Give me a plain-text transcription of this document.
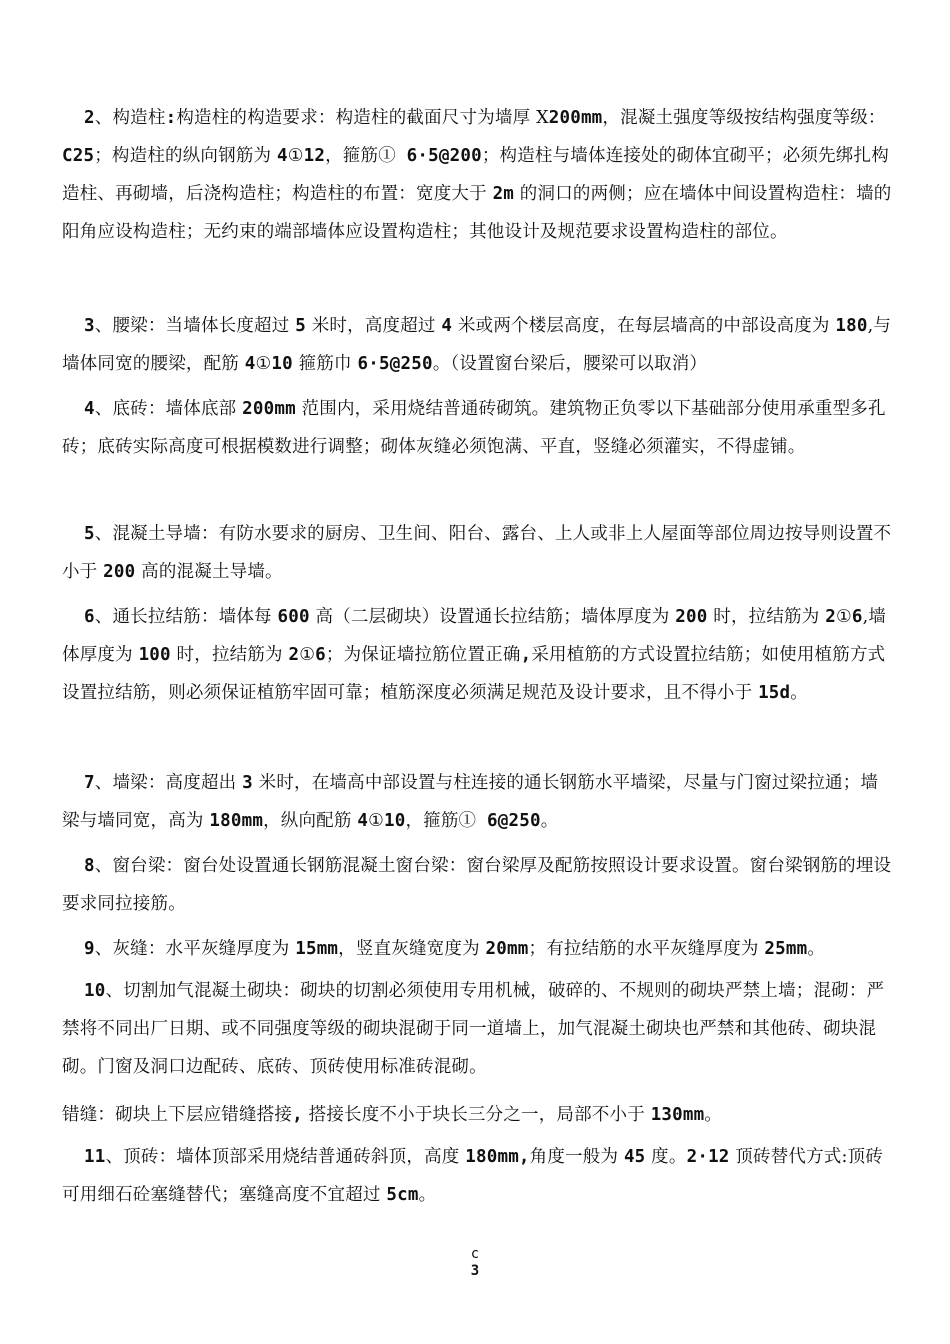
2、构造柱:构造柱的构造要求：构造柱的截面尺寸为墙厚 X200mm，混凝土强度等级按结构强度等级：C25；构造柱的纵向钢筋为 4①12，箍筋① 6·5@200；构造柱与墙体连接处的砌体宜砌平；必须先绑扎构造柱、再砌墙，后浇构造柱；构造柱的布置：宽度大于 2m 的洞口的两侧；应在墙体中间设置构造柱：墙的阳角应设构造柱；无约束的端部墙体应设置构造柱；其他设计及规范要求设置构造柱的部位。
3、腰梁：当墙体长度超过 5 米时，高度超过 4 米或两个楼层高度，在每层墙高的中部设高度为 180,与墙体同宽的腰梁，配筋 4①10 箍筋巾 6·5@250。（设置窗台梁后，腰梁可以取消）
4、底砖：墙体底部 200mm 范围内，采用烧结普通砖砌筑。建筑物正负零以下基础部分使用承重型多孔砖；底砖实际高度可根据模数进行调整；砌体灰缝必须饱满、平直，竖缝必须灌实，不得虚铺。
5、混凝土导墙：有防水要求的厨房、卫生间、阳台、露台、上人或非上人屋面等部位周边按导则设置不小于 200 高的混凝土导墙。
6、通长拉结筋：墙体每 600 高（二层砌块）设置通长拉结筋；墙体厚度为 200 时，拉结筋为 2①6,墙体厚度为 100 时，拉结筋为 2①6；为保证墙拉筋位置正确,采用植筋的方式设置拉结筋；如使用植筋方式设置拉结筋，则必须保证植筋牢固可靠；植筋深度必须满足规范及设计要求，且不得小于 15d。
7、墙梁：高度超出 3 米时，在墙高中部设置与柱连接的通长钢筋水平墙梁，尽量与门窗过梁拉通；墙梁与墙同宽，高为 180mm，纵向配筋 4①10，箍筋① 6@250。
8、窗台梁：窗台处设置通长钢筋混凝土窗台梁：窗台梁厚及配筋按照设计要求设置。窗台梁钢筋的埋设要求同拉接筋。
9、灰缝：水平灰缝厚度为 15mm，竖直灰缝宽度为 20mm；有拉结筋的水平灰缝厚度为 25mm。
10、切割加气混凝土砌块：砌块的切割必须使用专用机械，破碎的、不规则的砌块严禁上墙；混砌：严禁将不同出厂日期、或不同强度等级的砌块混砌于同一道墙上，加气混凝土砌块也严禁和其他砖、砌块混砌。门窗及洞口边配砖、底砖、顶砖使用标准砖混砌。
错缝：砌块上下层应错缝搭接, 搭接长度不小于块长三分之一，局部不小于 130mm。
11、顶砖：墙体顶部采用烧结普通砖斜顶，高度 180mm,角度一般为 45 度。2·12 顶砖替代方式:顶砖可用细石砼塞缝替代；塞缝高度不宜超过 5cm。
c
3
